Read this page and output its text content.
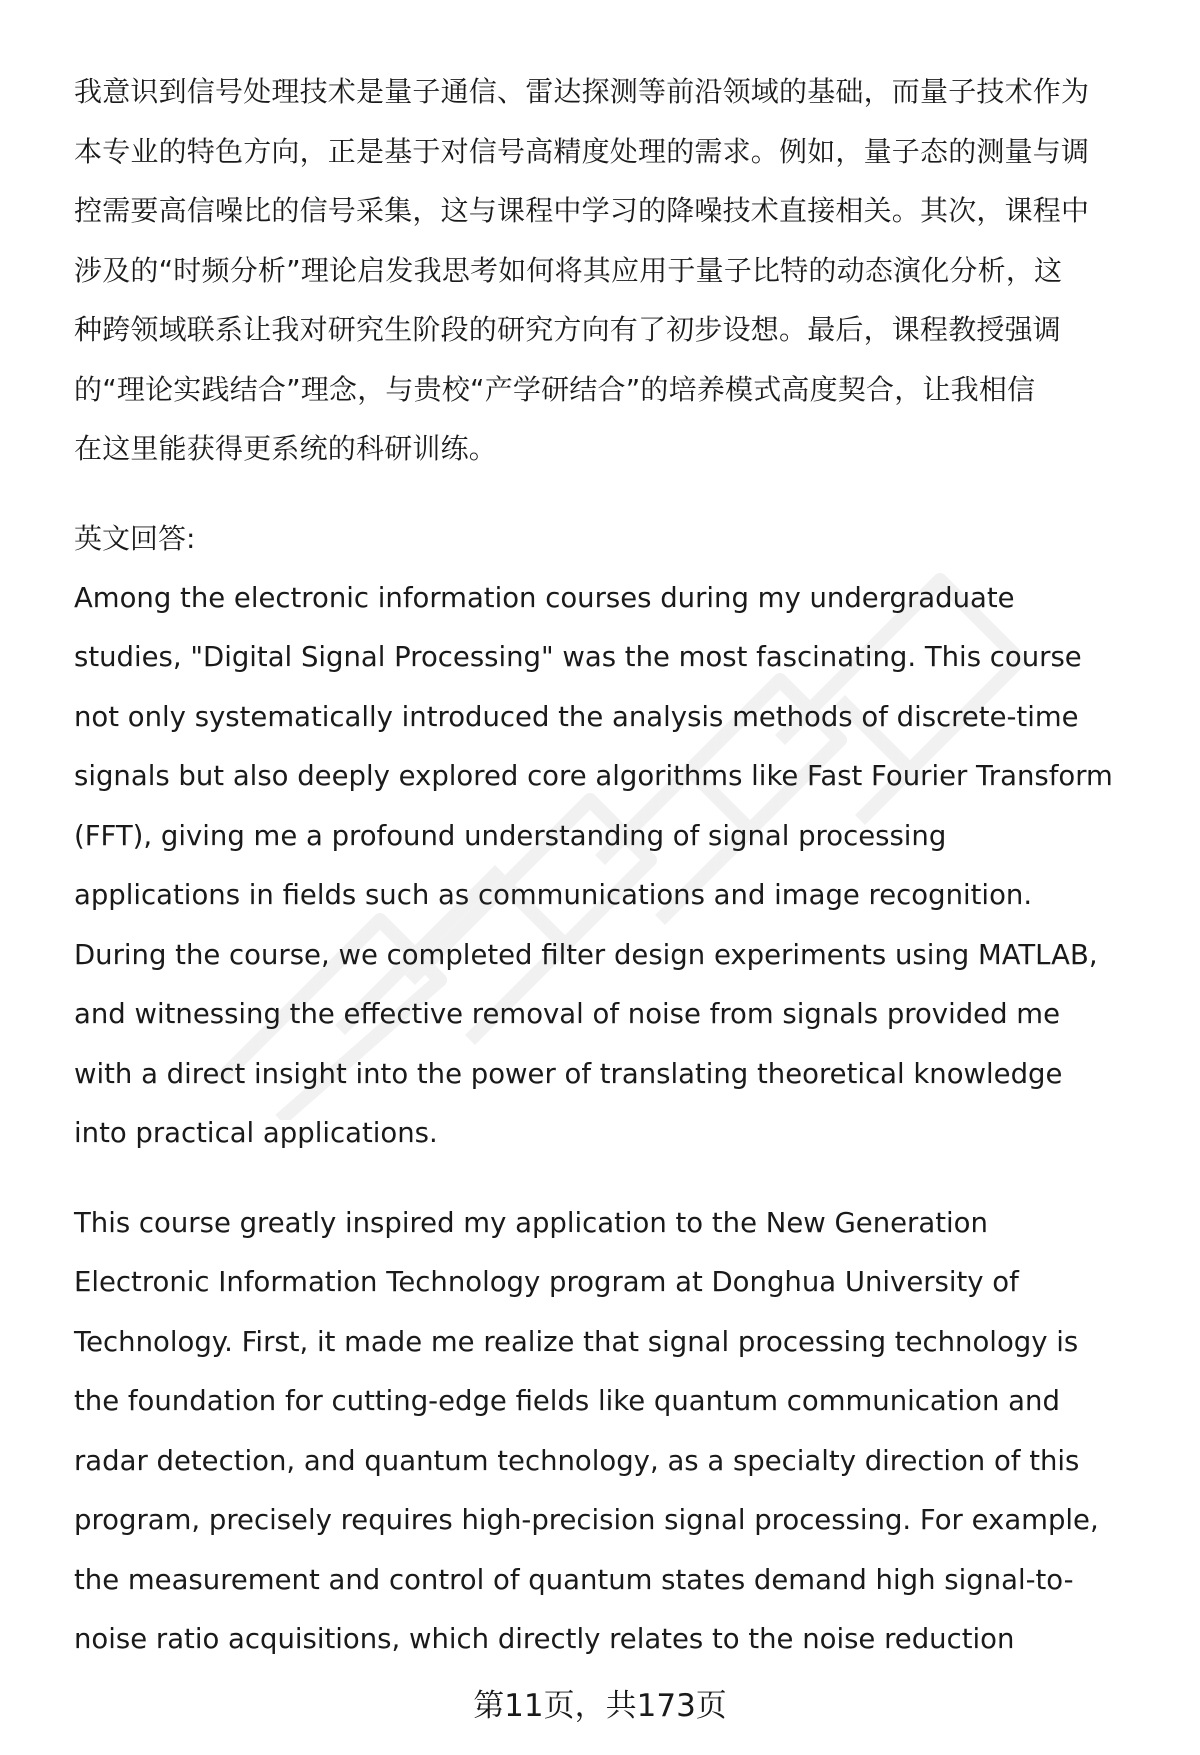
我意识到信号处理技术是量子通信、雷达探测等前沿领域的基础，而量子技术作为
本专业的特色方向，正是基于对信号高精度处理的需求。例如，量子态的测量与调
控需要高信噪比的信号采集，这与课程中学习的降噪技术直接相关。其次，课程中
涉及的“时频分析”理论启发我思考如何将其应用于量子比特的动态演化分析，这
种跨领域联系让我对研究生阶段的研究方向有了初步设想。最后，课程教授强调
的“理论实践结合”理念，与贵校“产学研结合”的培养模式高度契合，让我相信
在这里能获得更系统的科研训练。
英文回答:
Among the electronic information courses during my undergraduate
studies, "Digital Signal Processing" was the most fascinating. This course
not only systematically introduced the analysis methods of discrete-time
signals but also deeply explored core algorithms like Fast Fourier Transform
(FFT), giving me a profound understanding of signal processing
applications in fields such as communications and image recognition.
During the course, we completed filter design experiments using MATLAB,
and witnessing the effective removal of noise from signals provided me
with a direct insight into the power of translating theoretical knowledge
into practical applications.
This course greatly inspired my application to the New Generation
Electronic Information Technology program at Donghua University of
Technology. First, it made me realize that signal processing technology is
the foundation for cutting-edge fields like quantum communication and
radar detection, and quantum technology, as a specialty direction of this
program, precisely requires high-precision signal processing. For example,
the measurement and control of quantum states demand high signal-to-
noise ratio acquisitions, which directly relates to the noise reduction
第11页，共173页
